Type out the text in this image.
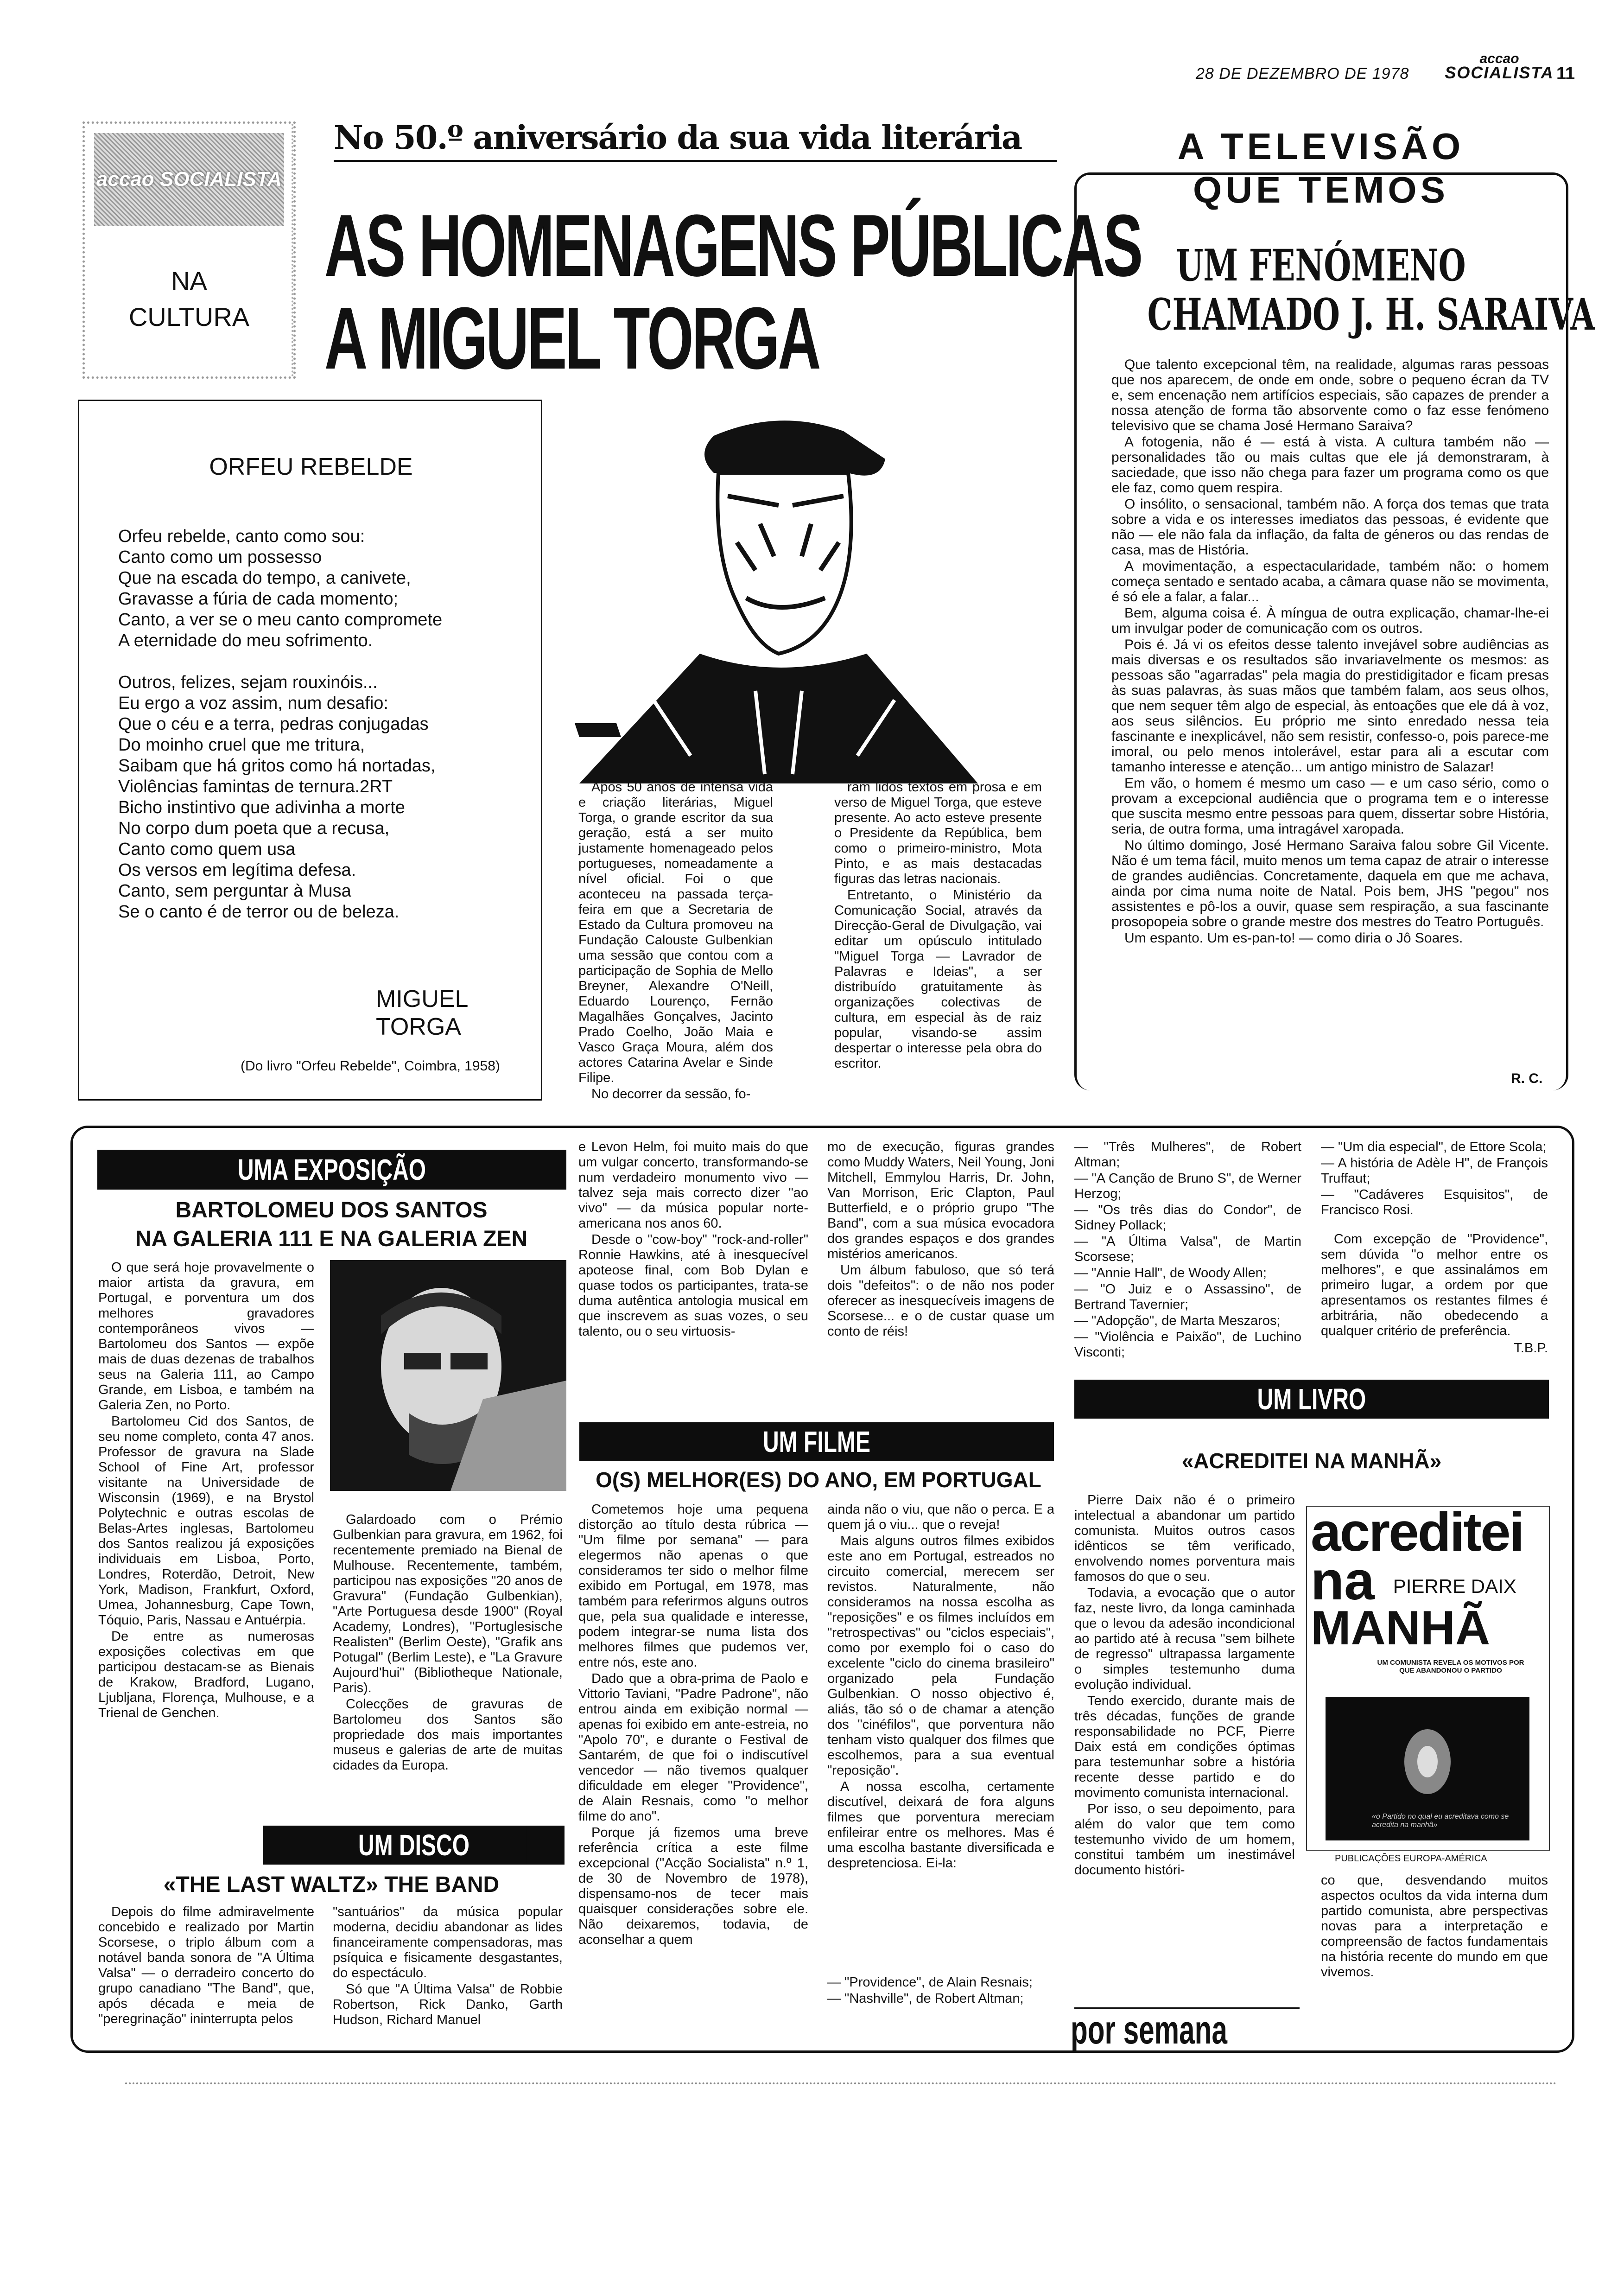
28 DE DEZEMBRO DE 1978
accao
SOCIALISTA 11
accao SOCIALISTA
NA
CULTURA
No 50.º aniversário da sua vida literária
AS HOMENAGENS PÚBLICAS
A MIGUEL TORGA
ORFEU REBELDE

Orfeu rebelde, canto como sou:

Canto como um possesso

Que na escada do tempo, a canivete,

Gravasse a fúria de cada momento;

Canto, a ver se o meu canto compromete

A eternidade do meu sofrimento.

Outros, felizes, sejam rouxinóis...

Eu ergo a voz assim, num desafio:

Que o céu e a terra, pedras conjugadas

Do moinho cruel que me tritura,

Saibam que há gritos como há nortadas,

Violências famintas de ternura.2RT

Bicho instintivo que adivinha a morte

No corpo dum poeta que a recusa,

Canto como quem usa

Os versos em legítima defesa.

Canto, sem perguntar à Musa

Se o canto é de terror ou de beleza.

MIGUEL TORGA
(Do livro "Orfeu Rebelde", Coimbra, 1958)

Após 50 anos de intensa vida e criação literárias, Miguel Torga, o grande escritor da sua geração, está a ser muito justamente homenageado pelos portugueses, nomeadamente a nível oficial. Foi o que aconteceu na passada terça-feira em que a Secretaria de Estado da Cultura promoveu na Fundação Calouste Gulbenkian uma sessão que contou com a participação de Sophia de Mello Breyner, Alexandre O'Neill, Eduardo Lourenço, Fernão Magalhães Gonçalves, Jacinto Prado Coelho, João Maia e Vasco Graça Moura, além dos actores Catarina Avelar e Sinde Filipe.

No decorrer da sessão, fo-

ram lidos textos em prosa e em verso de Miguel Torga, que esteve presente. Ao acto esteve presente o Presidente da República, bem como o primeiro-ministro, Mota Pinto, e as mais destacadas figuras das letras nacionais.

Entretanto, o Ministério da Comunicação Social, através da Direcção-Geral de Divulgação, vai editar um opúsculo intitulado "Miguel Torga — Lavrador de Palavras e Ideias", a ser distribuído gratuitamente às organizações colectivas de cultura, em especial às de raiz popular, visando-se assim despertar o interesse pela obra do escritor.

A TELEVISÃO
QUE TEMOS
UM FENÓMENO
CHAMADO J. H. SARAIVA

Que talento excepcional têm, na realidade, algumas raras pessoas que nos aparecem, de onde em onde, sobre o pequeno écran da TV e, sem encenação nem artifícios especiais, são capazes de prender a nossa atenção de forma tão absorvente como o faz esse fenómeno televisivo que se chama José Hermano Saraiva?

A fotogenia, não é — está à vista. A cultura também não — personalidades tão ou mais cultas que ele já demonstraram, à saciedade, que isso não chega para fazer um programa como os que ele faz, como quem respira.

O insólito, o sensacional, também não. A força dos temas que trata sobre a vida e os interesses imediatos das pessoas, é evidente que não — ele não fala da inflação, da falta de géneros ou das rendas de casa, mas de História.

A movimentação, a espectacularidade, também não: o homem começa sentado e sentado acaba, a câmara quase não se movimenta, é só ele a falar, a falar...

Bem, alguma coisa é. À míngua de outra explicação, chamar-lhe-ei um invulgar poder de comunicação com os outros.

Pois é. Já vi os efeitos desse talento invejável sobre audiências as mais diversas e os resultados são invariavelmente os mesmos: as pessoas são "agarradas" pela magia do prestidigitador e ficam presas às suas palavras, às suas mãos que também falam, aos seus olhos, que nem sequer têm algo de especial, às entoações que ele dá à voz, aos seus silêncios. Eu próprio me sinto enredado nessa teia fascinante e inexplicável, não sem resistir, confesso-o, pois parece-me imoral, ou pelo menos intolerável, estar para ali a escutar com tamanho interesse e atenção... um antigo ministro de Salazar!

Em vão, o homem é mesmo um caso — e um caso sério, como o provam a excepcional audiência que o programa tem e o interesse que suscita mesmo entre pessoas para quem, dissertar sobre História, seria, de outra forma, uma intragável xaropada.

No último domingo, José Hermano Saraiva falou sobre Gil Vicente. Não é um tema fácil, muito menos um tema capaz de atrair o interesse de grandes audiências. Concretamente, daquela em que me achava, ainda por cima numa noite de Natal. Pois bem, JHS "pegou" nos assistentes e pô-los a ouvir, quase sem respiração, a sua fascinante prosopopeia sobre o grande mestre dos mestres do Teatro Português.

Um espanto. Um es-pan-to! — como diria o Jô Soares.

R. C.
UMA EXPOSIÇÃO
BARTOLOMEU DOS SANTOS
NA GALERIA 111 E NA GALERIA ZEN

O que será hoje provavelmente o maior artista da gravura, em Portugal, e porventura um dos melhores gravadores contemporâneos vivos — Bartolomeu dos Santos — expõe mais de duas dezenas de trabalhos seus na Galeria 111, ao Campo Grande, em Lisboa, e também na Galeria Zen, no Porto.

Bartolomeu Cid dos Santos, de seu nome completo, conta 47 anos. Professor de gravura na Slade School of Fine Art, professor visitante na Universidade de Wisconsin (1969), e na Brystol Polytechnic e outras escolas de Belas-Artes inglesas, Bartolomeu dos Santos realizou já exposições individuais em Lisboa, Porto, Londres, Roterdão, Detroit, New York, Madison, Frankfurt, Oxford, Umea, Johannesburg, Cape Town, Tóquio, Paris, Nassau e Antuérpia.

De entre as numerosas exposições colectivas em que participou destacam-se as Bienais de Krakow, Bradford, Lugano, Ljubljana, Florença, Mulhouse, e a Trienal de Genchen.

Galardoado com o Prémio Gulbenkian para gravura, em 1962, foi recentemente premiado na Bienal de Mulhouse. Recentemente, também, participou nas exposições "20 anos de Gravura" (Fundação Gulbenkian), "Arte Portuguesa desde 1900" (Royal Academy, Londres), "Portuglesische Realisten" (Berlim Oeste), "Grafik ans Potugal" (Berlim Leste), e "La Gravure Aujourd'hui" (Bibliotheque Nationale, Paris).

Colecções de gravuras de Bartolomeu dos Santos são propriedade dos mais importantes museus e galerias de arte de muitas cidades da Europa.

UM DISCO
«THE LAST WALTZ» THE BAND

Depois do filme admiravelmente concebido e realizado por Martin Scorsese, o triplo álbum com a notável banda sonora de "A Última Valsa" — o derradeiro concerto do grupo canadiano "The Band", que, após década e meia de "peregrinação" ininterrupta pelos

"santuários" da música popular moderna, decidiu abandonar as lides financeiramente compensadoras, mas psíquica e fisicamente desgastantes, do espectáculo.

Só que "A Última Valsa" de Robbie Robertson, Rick Danko, Garth Hudson, Richard Manuel

e Levon Helm, foi muito mais do que um vulgar concerto, transformando-se num verdadeiro monumento vivo — talvez seja mais correcto dizer "ao vivo" — da música popular norte-americana nos anos 60.

Desde o "cow-boy" "rock-and-roller" Ronnie Hawkins, até à inesquecível apoteose final, com Bob Dylan e quase todos os participantes, trata-se duma autêntica antologia musical em que inscrevem as suas vozes, o seu talento, ou o seu virtuosis-

mo de execução, figuras grandes como Muddy Waters, Neil Young, Joni Mitchell, Emmylou Harris, Dr. John, Van Morrison, Eric Clapton, Paul Butterfield, e o próprio grupo "The Band", com a sua música evocadora dos grandes espaços e dos grandes mistérios americanos.

Um álbum fabuloso, que só terá dois "defeitos": o de não nos poder oferecer as inesquecíveis imagens de Scorsese... e o de custar quase um conto de réis!

UM FILME
O(S) MELHOR(ES) DO ANO, EM PORTUGAL

Cometemos hoje uma pequena distorção ao título desta rúbrica — "Um filme por semana" — para elegermos não apenas o que consideramos ter sido o melhor filme exibido em Portugal, em 1978, mas também para referirmos alguns outros que, pela sua qualidade e interesse, podem integrar-se numa lista dos melhores filmes que pudemos ver, entre nós, este ano.

Dado que a obra-prima de Paolo e Vittorio Taviani, "Padre Padrone", não entrou ainda em exibição normal — apenas foi exibido em ante-estreia, no "Apolo 70", e durante o Festival de Santarém, de que foi o indiscutível vencedor — não tivemos qualquer dificuldade em eleger "Providence", de Alain Resnais, como "o melhor filme do ano".

Porque já fizemos uma breve referência crítica a este filme excepcional ("Acção Socialista" n.º 1, de 30 de Novembro de 1978), dispensamo-nos de tecer mais quaisquer considerações sobre ele. Não deixaremos, todavia, de aconselhar a quem

ainda não o viu, que não o perca. E a quem já o viu... que o reveja!

Mais alguns outros filmes exibidos este ano em Portugal, estreados no circuito comercial, merecem ser revistos. Naturalmente, não consideramos na nossa escolha as "reposições" e os filmes incluídos em "retrospectivas" ou "ciclos especiais", como por exemplo foi o caso do excelente "ciclo do cinema brasileiro" organizado pela Fundação Gulbenkian. O nosso objectivo é, aliás, tão só o de chamar a atenção dos "cinéfilos", que porventura não tenham visto qualquer dos filmes que escolhemos, para a sua eventual "reposição".

A nossa escolha, certamente discutível, deixará de fora alguns filmes que porventura mereciam enfileirar entre os melhores. Mas é uma escolha bastante diversificada e despretenciosa. Ei-la:

— "Providence", de Alain Resnais;

— "Nashville", de Robert Altman;

— "Três Mulheres", de Robert Altman;

— "A Canção de Bruno S", de Werner Herzog;

— "Os três dias do Condor", de Sidney Pollack;

— "A Última Valsa", de Martin Scorsese;

— "Annie Hall", de Woody Allen;

— "O Juiz e o Assassino", de Bertrand Tavernier;

— "Adopção", de Marta Meszaros;

— "Violência e Paixão", de Luchino Visconti;

— "Um dia especial", de Ettore Scola;

— A história de Adèle H", de François Truffaut;

— "Cadáveres Esquisitos", de Francisco Rosi.

Com excepção de "Providence", sem dúvida "o melhor entre os melhores", e que assinalámos em primeiro lugar, a ordem por que apresentamos os restantes filmes é arbitrária, não obedecendo a qualquer critério de preferência.

T.B.P.
UM LIVRO
«ACREDITEI NA MANHÃ»

Pierre Daix não é o primeiro intelectual a abandonar um partido comunista. Muitos outros casos idênticos se têm verificado, envolvendo nomes porventura mais famosos do que o seu.

Todavia, a evocação que o autor faz, neste livro, da longa caminhada que o levou da adesão incondicional ao partido até à recusa "sem bilhete de regresso" ultrapassa largamente o simples testemunho duma evolução individual.

Tendo exercido, durante mais de três décadas, funções de grande responsabilidade no PCF, Pierre Daix está em condições óptimas para testemunhar sobre a história recente desse partido e do movimento comunista internacional.

Por isso, o seu depoimento, para além do valor que tem como testemunho vivido de um homem, constitui também um inestimável documento históri-

acreditei
na PIERRE DAIX
MANHÃ
UM COMUNISTA REVELA OS MOTIVOS POR QUE ABANDONOU O PARTIDO
«o Partido no qual eu acreditava como se acredita na manhã»
PUBLICAÇÕES EUROPA-AMÉRICA

co que, desvendando muitos aspectos ocultos da vida interna dum partido comunista, abre perspectivas novas para a interpretação e compreensão de factos fundamentais na história recente do mundo em que vivemos.

por semana
